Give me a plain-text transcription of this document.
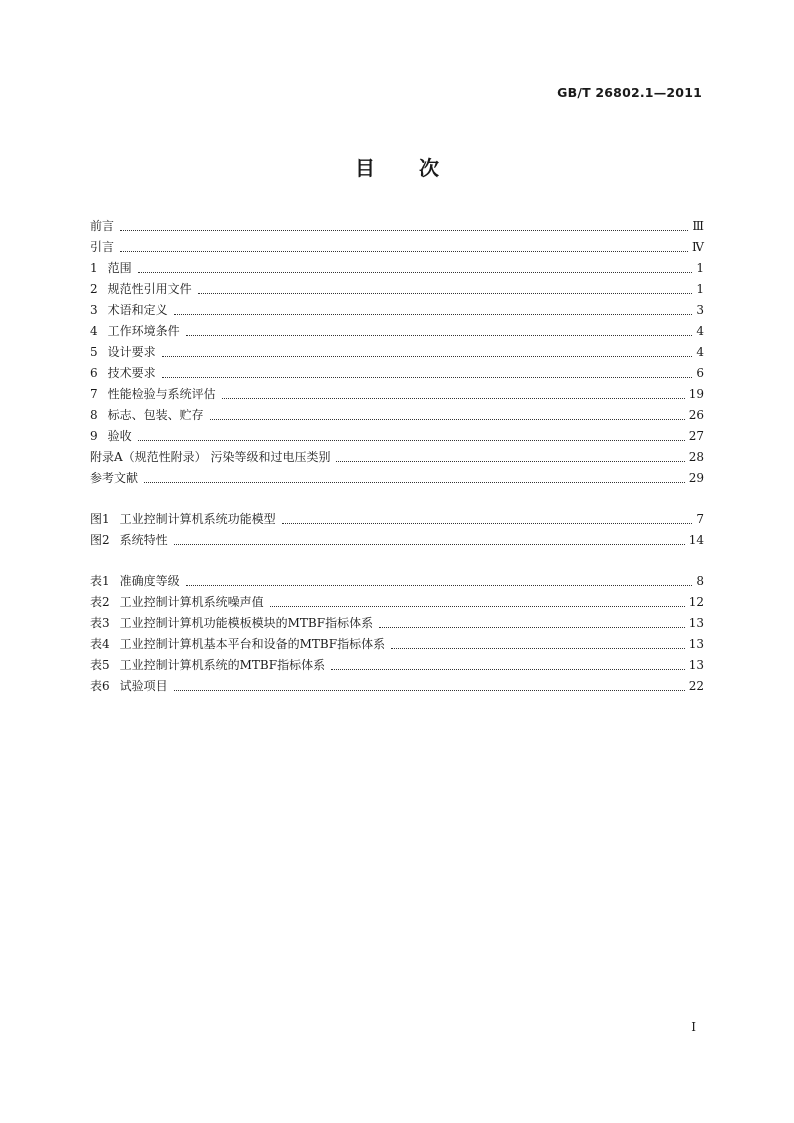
GB/T 26802.1—2011
目次
前言	Ⅲ
引言	Ⅳ
1 范围	1
2 规范性引用文件	1
3 术语和定义	3
4 工作环境条件	4
5 设计要求	4
6 技术要求	6
7 性能检验与系统评估	19
8 标志、包装、贮存	26
9 验收	27
附录A（规范性附录） 污染等级和过电压类别	28
参考文献	29
图1 工业控制计算机系统功能模型	7
图2 系统特性	14
表1 准确度等级	8
表2 工业控制计算机系统噪声值	12
表3 工业控制计算机功能模板模块的MTBF指标体系	13
表4 工业控制计算机基本平台和设备的MTBF指标体系	13
表5 工业控制计算机系统的MTBF指标体系	13
表6 试验项目	22
Ⅰ
